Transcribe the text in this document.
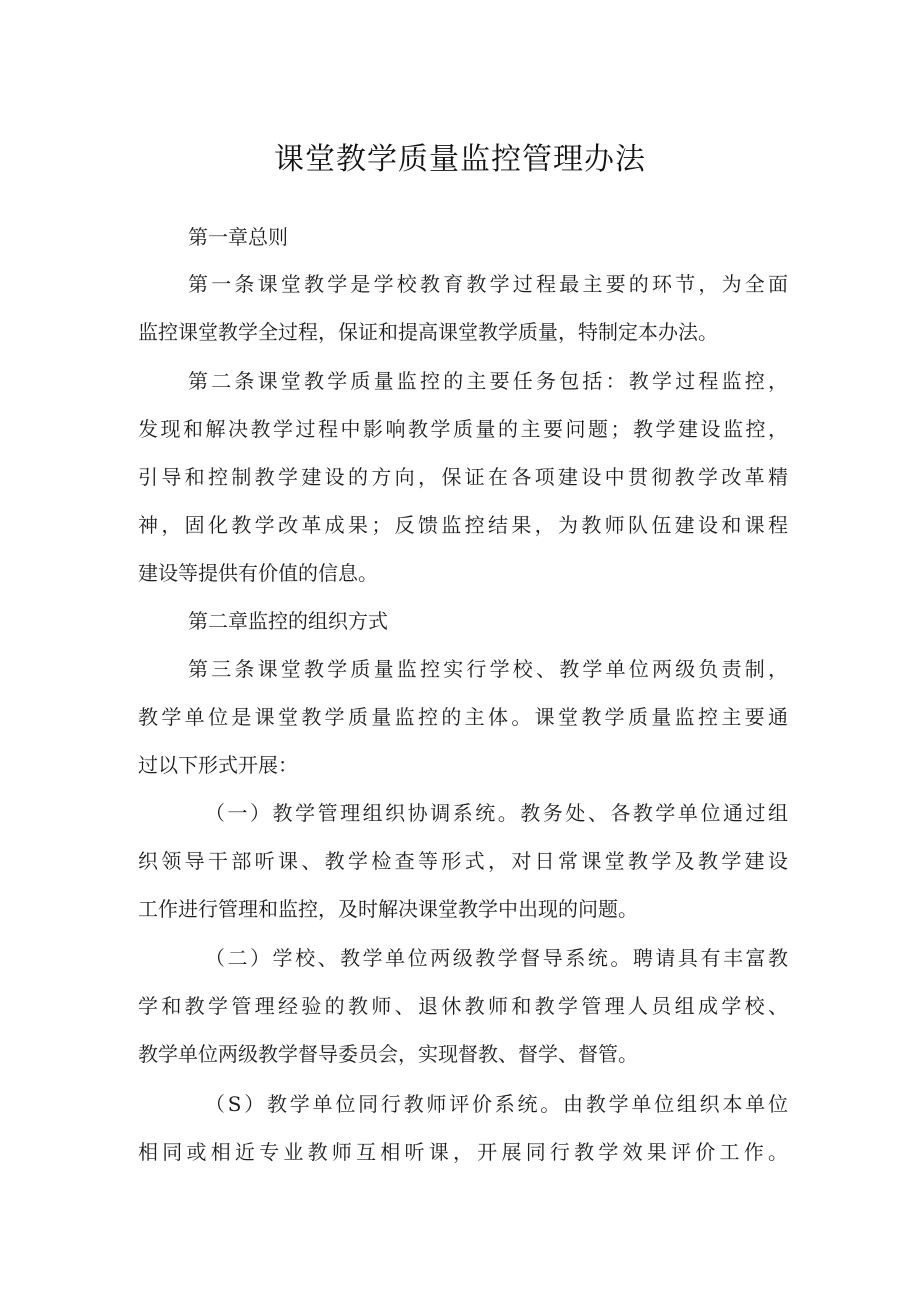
课堂教学质量监控管理办法

第一章总则

第一条课堂教学是学校教育教学过程最主要的环节，为全面

监控课堂教学全过程，保证和提高课堂教学质量，特制定本办法。

第二条课堂教学质量监控的主要任务包括：教学过程监控，

发现和解决教学过程中影响教学质量的主要问题；教学建设监控，

引导和控制教学建设的方向，保证在各项建设中贯彻教学改革精

神，固化教学改革成果；反馈监控结果，为教师队伍建设和课程

建设等提供有价值的信息。

第二章监控的组织方式

第三条课堂教学质量监控实行学校、教学单位两级负责制，

教学单位是课堂教学质量监控的主体。课堂教学质量监控主要通

过以下形式开展：

（一）教学管理组织协调系统。教务处、各教学单位通过组

织领导干部听课、教学检查等形式，对日常课堂教学及教学建设

工作进行管理和监控，及时解决课堂教学中出现的问题。

（二）学校、教学单位两级教学督导系统。聘请具有丰富教

学和教学管理经验的教师、退休教师和教学管理人员组成学校、

教学单位两级教学督导委员会，实现督教、督学、督管。

（S）教学单位同行教师评价系统。由教学单位组织本单位

相同或相近专业教师互相听课，开展同行教学效果评价工作。
